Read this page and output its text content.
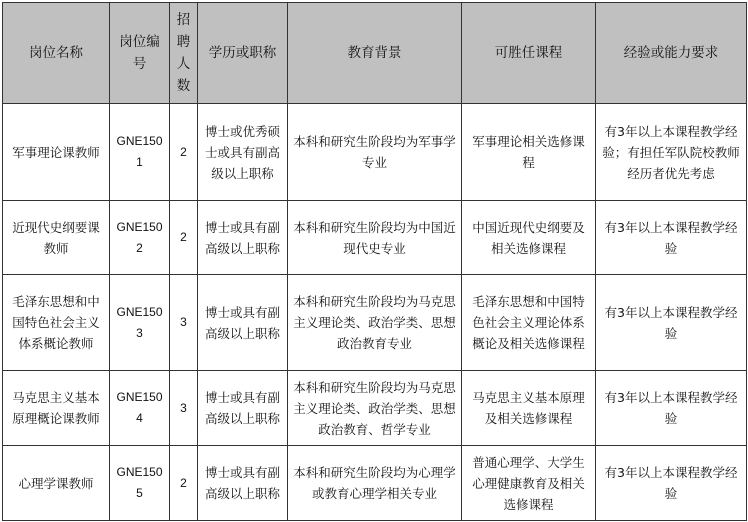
岗位名称	岗位编号	招聘人数	学历或职称	教育背景	可胜任课程	经验或能力要求
军事理论课教师	GNE1501	2	博士或优秀硕士或具有副高级以上职称	本科和研究生阶段均为军事学专业	军事理论相关选修课程	有3年以上本课程教学经验；有担任军队院校教师经历者优先考虑
近现代史纲要课教师	GNE1502	2	博士或具有副高级以上职称	本科和研究生阶段均为中国近现代史专业	中国近现代史纲要及相关选修课程	有3年以上本课程教学经验
毛泽东思想和中国特色社会主义体系概论教师	GNE1503	3	博士或具有副高级以上职称	本科和研究生阶段均为马克思主义理论类、政治学类、思想政治教育专业	毛泽东思想和中国特色社会主义理论体系概论及相关选修课程	有3年以上本课程教学经验
马克思主义基本原理概论课教师	GNE1504	3	博士或具有副高级以上职称	本科和研究生阶段均为马克思主义理论类、政治学类、思想政治教育、哲学专业	马克思主义基本原理及相关选修课程	有3年以上本课程教学经验
心理学课教师	GNE1505	2	博士或具有副高级以上职称	本科和研究生阶段均为心理学或教育心理学相关专业	普通心理学、大学生心理健康教育及相关选修课程	有3年以上本课程教学经验
